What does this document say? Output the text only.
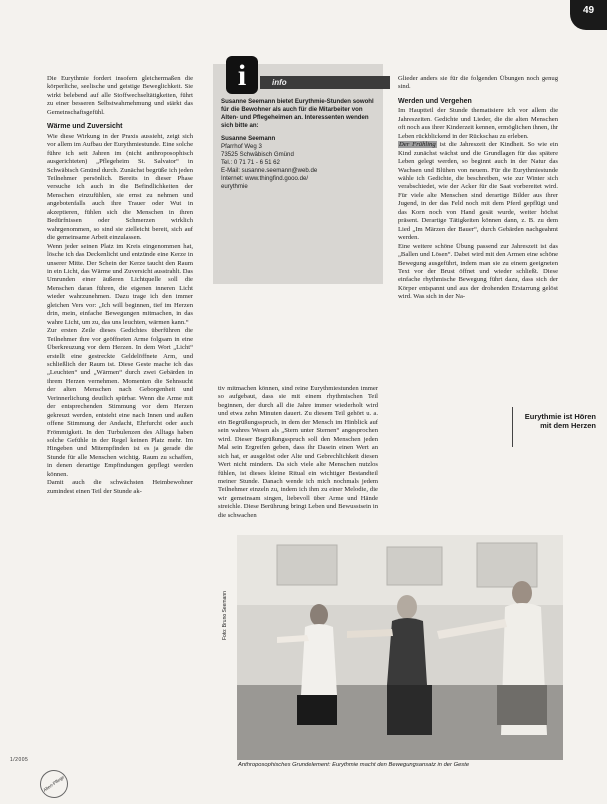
49

Die Eurythmie fordert insofern gleichermaßen die körperliche, seelische und geistige Beweglichkeit. Sie wirkt belebend auf alle Stoffwechseltätigkeiten, führt zu einer besseren Selbstwahrnehmung und stärkt das Gemeinschaftsgefühl.

Wärme und Zuversicht

Wie diese Wirkung in der Praxis aussieht, zeigt sich vor allem im Aufbau der Eurythmiestunde. Eine solche führe ich seit Jahren im (nicht anthroposophisch ausgerichteten) „Pflegeheim St. Salvator“ in Schwäbisch Gmünd durch. Zunächst begrüße ich jeden Teilnehmer persönlich. Bereits in dieser Phase versuche ich auch in die Befindlichkeiten der Menschen einzufühlen, sie ernst zu nehmen und angebotenfalls auch ihre Trauer oder Wut in akzeptieren, fühlen sich die Menschen in ihren Bedürfnissen oder Schmerzen wirklich wahrgenommen, so sind sie zielleicht bereit, sich auf die gemeinsame Arbeit einzulassen.

Wenn jeder seinen Platz im Kreis eingenommen hat, lösche ich das Deckenlicht und entzünde eine Kerze in unserer Mitte. Der Schein der Kerze taucht den Raum in ein Licht, das Wärme und Zuversicht ausstrahlt. Das Umrunden einer äußeren Lichtquelle soll die Menschen daran führen, die eigenen inneren Licht wieder wahrzunehmen. Dazu trage ich den immer gleichen Vers vor: „Ich will beginnen, tief im Herzen drin, mein, einfache Bewegungen mitmachen, in das wahre Licht, um zu, das uns leuchten, wärmen kann.“

Zur ersten Zeile dieses Gedichtes überführen die Teilnehmer ihre vor geöffneten Arme folgsam in eine Überkreuzung vor dem Herzen. In dem Wort „Licht“ erstellt eine gestreckte Geldelöffnete Arm, und schließlich der Raum ist. Diese Geste mache ich das „Leuchten“ und „Wärmen“ durch zwei Gebärden in ihrem Herzen vernehmen. Momenten die Sehnsucht der alten Menschen nach Geborgenheit und Verinnerlichung deutlich spürbar. Wenn die Arme mit der entsprechenden Stimmung vor dem Herzen gekreuzt werden, entsteht eine nach Innen und außen offene Stimmung der Andacht, Ehrfurcht oder auch Frömmigkeit. In den Turbulenzen des Alltags haben solche Gefühle in der Regel keinen Platz mehr. Im Hingeben und Mitempfinden ist es ja gerade die Stunde für alle Menschen wichtig. Raum zu schaffen, in denen derartige Empfindungen gepflegt werden können.

Damit auch die schwächsten Heimbewohner zumindest einen Teil der Stunde ak-

i	info

Susanne Seemann bietet Eurythmie-Stunden sowohl für die Bewohner als auch für die Mitarbeiter von Alten- und Pflegeheimen an. Interessenten wenden sich bitte an:

Susanne Seemann
Pfarrhof Weg 3
73525 Schwäbisch Gmünd
Tel.: 0 71 71 - 6 51 62
E-Mail: susanne.seemann@web.de
Internet: www.thingfind.gooo.de/
eurythmie

tiv mitmachen können, sind reine Eurythmiestunden immer so aufgebaut, dass sie mit einem rhythmischen Teil beginnen, der durch all die Jahre immer wiederholt wird und etwa zehn Minuten dauert. Zu diesem Teil gehört u. a. ein Begrüßungsspruch, in dem der Mensch im Hinblick auf sein wahres Wesen als „Stern unter Sternen“ angesprochen wird. Dieser Begrüßungsspruch soll den Menschen jeden Mal sein Ergreifen geben, dass ihr Dasein einen Wert an sich hat, er ausgelöst oder Alte und Gebrechlichkeit diesen Wert nicht mindern. Da sich viele alte Menschen nutzlos fühlen, ist dieses kleine Ritual ein wichtiger Bestandteil meiner Stunde. Danach wende ich mich nochmals jedem Teilnehmer einzeln zu, indem ich ihm zu einer Melodie, die wir gemeinsam singen, liebevoll über Arme und Hände streichle. Diese Berührung bringt Leben und Bewusstsein in die schwachen

Glieder anders sie für die folgenden Übungen noch genug sind.

Werden und Vergehen

Im Hauptteil der Stunde thematisiere ich vor allem die Jahreszeiten. Gedichte und Lieder, die die alten Menschen oft noch aus ihrer Kinderzeit kennen, ermöglichen ihnen, ihr Leben rückblickend in der Rückschau zu erleben.

Der Frühling ist die Jahreszeit der Kindheit. So wie ein Kind zunächst wächst und die Grundlagen für das spätere Leben gelegt werden, so beginnt auch in der Natur das Wachsen und Blühen von neuem. Für die Eurythmiestunde wähle ich Gedichte, die beschreiben, wie zur Winter sich verabschiedet, wie der Acker für die Saat vorbereitet wird. Für viele alte Menschen sind derartige Bilder aus ihrer Jugend, in der das Feld noch mit dem Pferd gepflügt und das Korn noch von Hand gesät wurde, weiter höchst präsent. Derartige Tätigkeiten können dann, z. B. zu dem Lied „Im Märzen der Bauer“, durch Gebärden nachgeahmt werden.

Eine weitere schöne Übung passend zur Jahreszeit ist das „Ballen und Lösen“. Dabei wird mit den Armen eine schöne Bewegung ausgeführt, indem man sie zu einem geeigneten Text vor der Brust öffnet und wieder schließt. Diese einfache rhythmische Bewegung führt dazu, dass sich der Körper entspannt und aus der drohenden Erstarrung gelöst wird. Was sich in der Na-

Eurythmie ist Hören mit dem Herzen
Foto: Bruno Seemann
Anthroposophisches Grundelement: Eurythmie macht den Bewegungsansatz in der Geste
1/2005
Alten-Pflege
